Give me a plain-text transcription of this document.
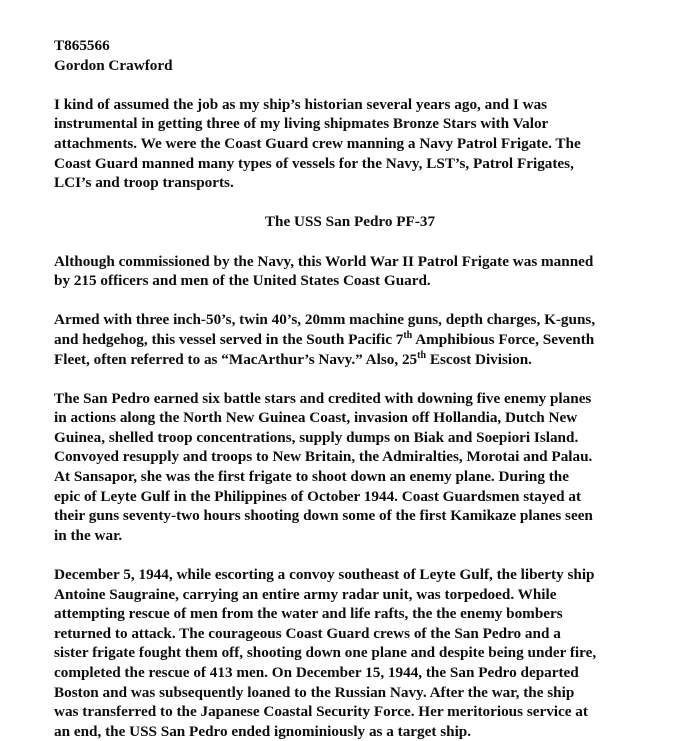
T865566

Gordon Crawford

I kind of assumed the job as my ship’s historian several years ago, and I was
instrumental in getting three of my living shipmates Bronze Stars with Valor
attachments. We were the Coast Guard crew manning a Navy Patrol Frigate. The
Coast Guard manned many types of vessels for the Navy, LST’s, Patrol Frigates,
LCI’s and troop transports.

The USS San Pedro PF-37

Although commissioned by the Navy, this World War II Patrol Frigate was manned
by 215 officers and men of the United States Coast Guard.

Armed with three inch-50’s, twin 40’s, 20mm machine guns, depth charges, K-guns,
and hedgehog, this vessel served in the South Pacific 7th Amphibious Force, Seventh
Fleet, often referred to as “MacArthur’s Navy.” Also, 25th Escost Division.

The San Pedro earned six battle stars and credited with downing five enemy planes
in actions along the North New Guinea Coast, invasion off Hollandia, Dutch New
Guinea, shelled troop concentrations, supply dumps on Biak and Soepiori Island.
Convoyed resupply and troops to New Britain, the Admiralties, Morotai and Palau.
At Sansapor, she was the first frigate to shoot down an enemy plane. During the
epic of Leyte Gulf in the Philippines of October 1944. Coast Guardsmen stayed at
their guns seventy-two hours shooting down some of the first Kamikaze planes seen
in the war.

December 5, 1944, while escorting a convoy southeast of Leyte Gulf, the liberty ship
Antoine Saugraine, carrying an entire army radar unit, was torpedoed. While
attempting rescue of men from the water and life rafts, the the enemy bombers
returned to attack. The courageous Coast Guard crews of the San Pedro and a
sister frigate fought them off, shooting down one plane and despite being under fire,
completed the rescue of 413 men. On December 15, 1944, the San Pedro departed
Boston and was subsequently loaned to the Russian Navy. After the war, the ship
was transferred to the Japanese Coastal Security Force. Her meritorious service at
an end, the USS San Pedro ended ignominiously as a target ship.
